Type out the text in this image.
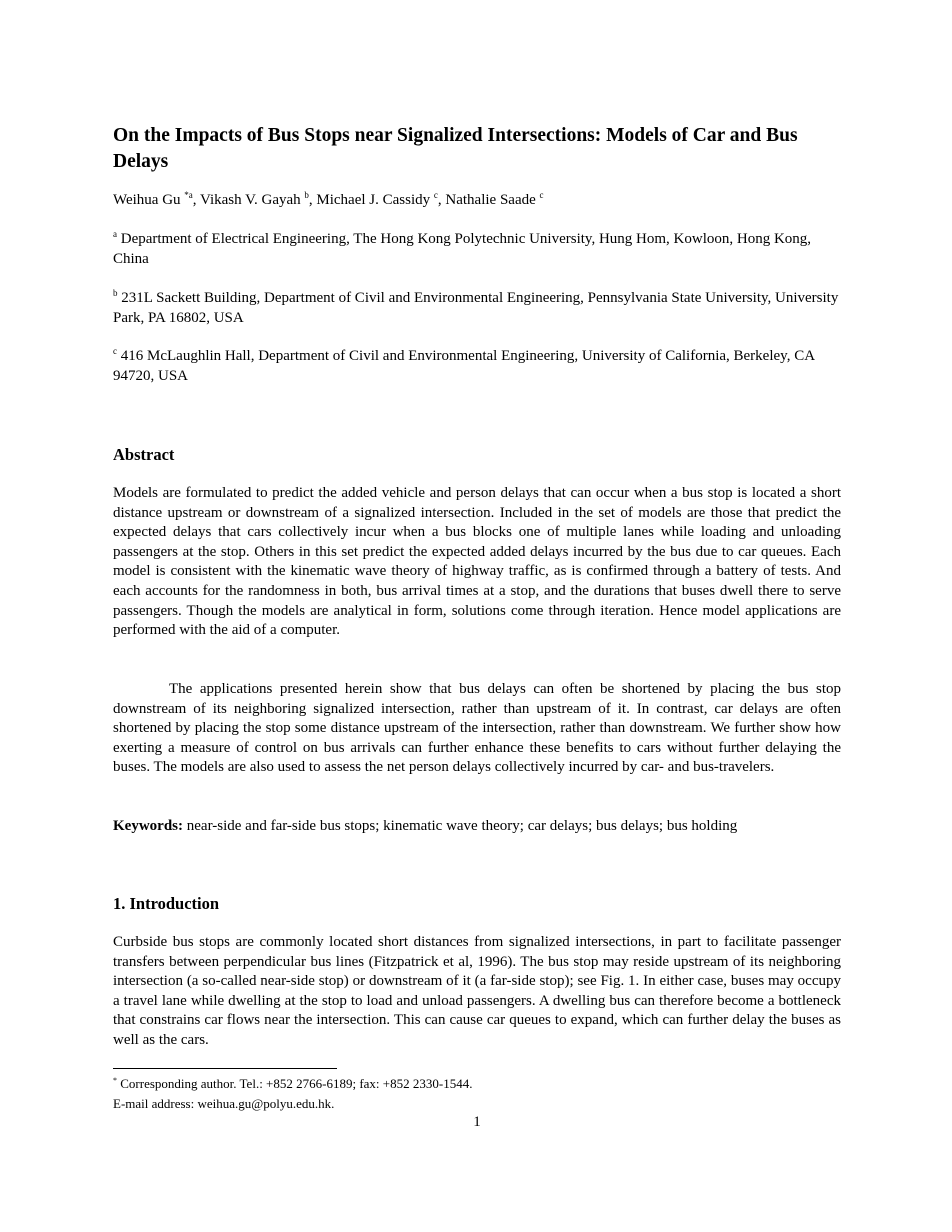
On the Impacts of Bus Stops near Signalized Intersections: Models of Car and Bus Delays
Weihua Gu $^{*a}$, Vikash V. Gayah $^b$, Michael J. Cassidy $^c$, Nathalie Saade $^c$

$^a$ Department of Electrical Engineering, The Hong Kong Polytechnic University, Hung Hom, Kowloon, Hong Kong, China

$^b$ 231L Sackett Building, Department of Civil and Environmental Engineering, Pennsylvania State University, University Park, PA 16802, USA

$^c$ 416 McLaughlin Hall, Department of Civil and Environmental Engineering, University of California, Berkeley, CA 94720, USA

Abstract

Models are formulated to predict the added vehicle and person delays that can occur when a bus stop is located a short distance upstream or downstream of a signalized intersection. Included in the set of models are those that predict the expected delays that cars collectively incur when a bus blocks one of multiple lanes while loading and unloading passengers at the stop. Others in this set predict the expected added delays incurred by the bus due to car queues. Each model is consistent with the kinematic wave theory of highway traffic, as is confirmed through a battery of tests. And each accounts for the randomness in both, bus arrival times at a stop, and the durations that buses dwell there to serve passengers. Though the models are analytical in form, solutions come through iteration. Hence model applications are performed with the aid of a computer.

The applications presented herein show that bus delays can often be shortened by placing the bus stop downstream of its neighboring signalized intersection, rather than upstream of it. In contrast, car delays are often shortened by placing the stop some distance upstream of the intersection, rather than downstream. We further show how exerting a measure of control on bus arrivals can further enhance these benefits to cars without further delaying the buses. The models are also used to assess the net person delays collectively incurred by car- and bus-travelers.

Keywords: near-side and far-side bus stops; kinematic wave theory; car delays; bus delays; bus holding

1. Introduction

Curbside bus stops are commonly located short distances from signalized intersections, in part to facilitate passenger transfers between perpendicular bus lines (Fitzpatrick et al, 1996). The bus stop may reside upstream of its neighboring intersection (a so-called near-side stop) or downstream of it (a far-side stop); see Fig. 1. In either case, buses may occupy a travel lane while dwelling at the stop to load and unload passengers. A dwelling bus can therefore become a bottleneck that constrains car flows near the intersection. This can cause car queues to expand, which can further delay the buses as well as the cars.

* Corresponding author. Tel.: +852 2766-6189; fax: +852 2330-1544.

E-mail address: weihua.gu@polyu.edu.hk.

1
